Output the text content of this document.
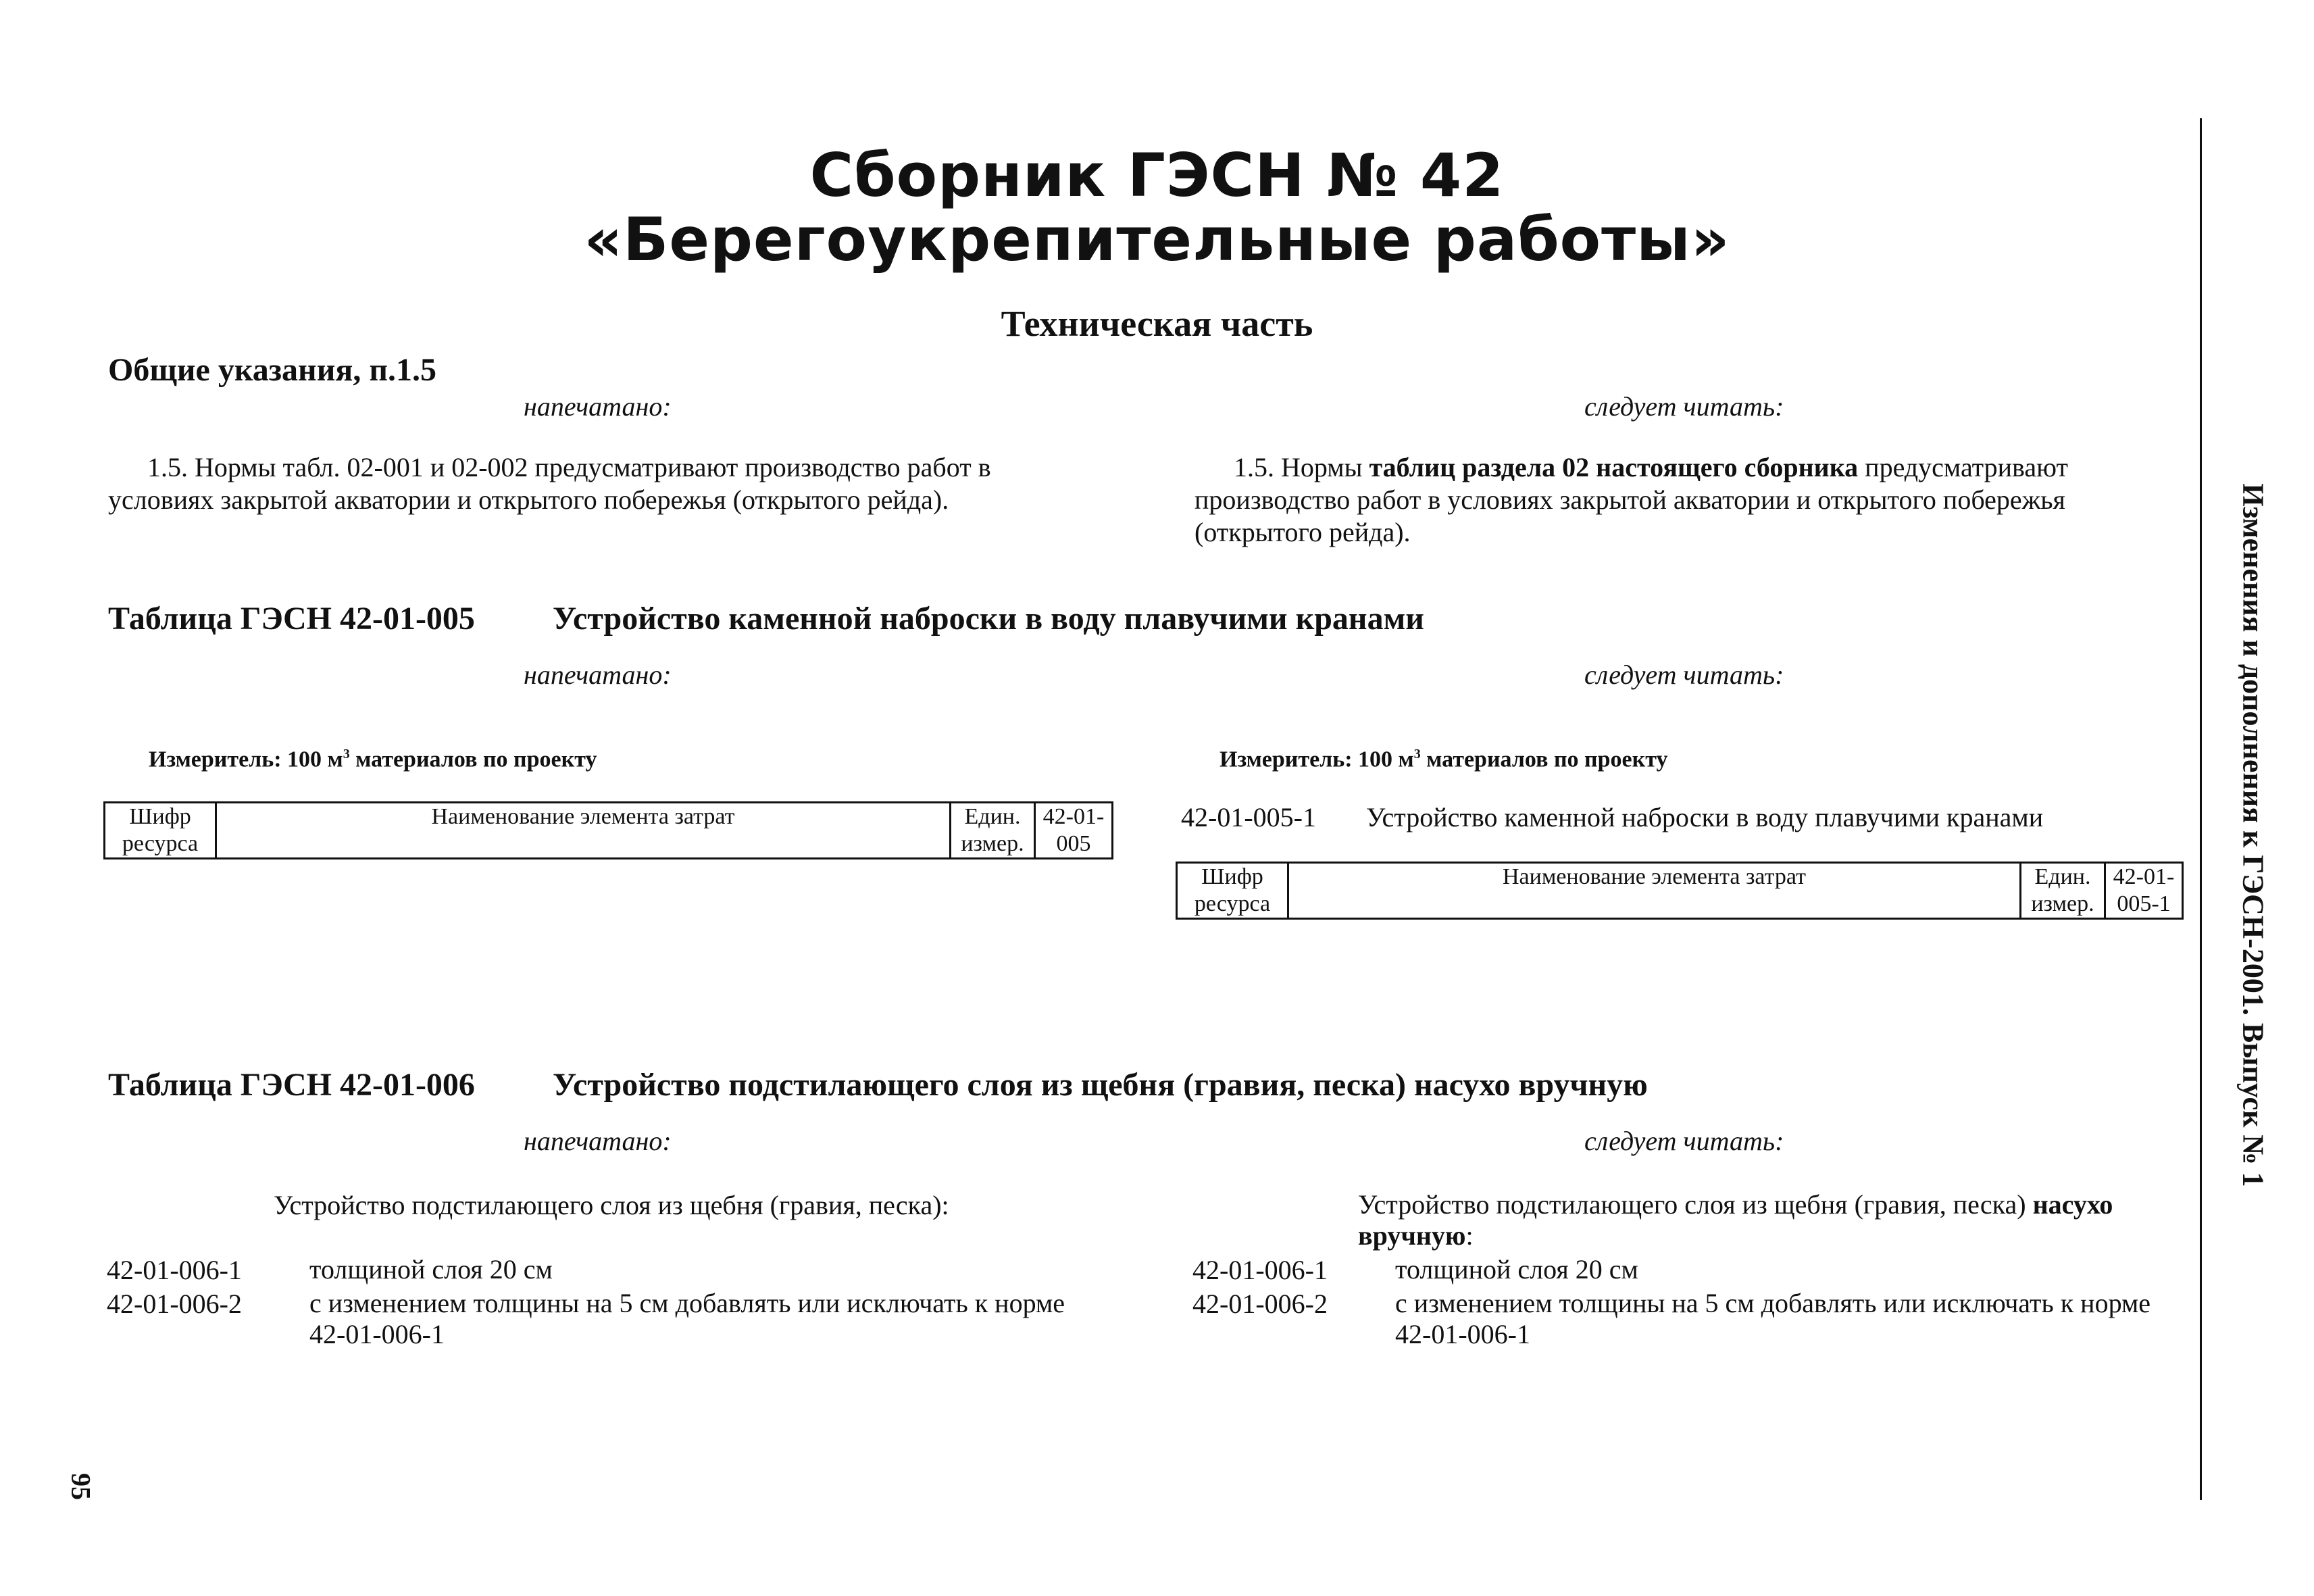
Сборник ГЭСН № 42
«Берегоукрепительные работы»
Техническая часть
Общие указания, п.1.5
напечатано:	следует читать:
1.5. Нормы табл. 02-001 и 02-002 предусматривают производство работ в условиях закрытой акватории и открытого побережья (открытого рейда).
1.5. Нормы таблиц раздела 02 настоящего сборника предусматривают производство работ в условиях закрытой акватории и открытого побережья (открытого рейда).
Таблица ГЭСН 42-01-005 Устройство каменной наброски в воду плавучими кранами
напечатано:	следует читать:
Измеритель: 100 $м^3$ материалов по проекту	Измеритель: 100 $м^3$ материалов по проекту
Шифр ресурса	Наименование элемента затрат	Един. измер.	42-01-005
42-01-005-1 Устройство каменной наброски в воду плавучими кранами
Шифр ресурса	Наименование элемента затрат	Един. измер.	42-01-005-1
Таблица ГЭСН 42-01-006 Устройство подстилающего слоя из щебня (гравия, песка) насухо вручную
напечатано:	следует читать:
Устройство подстилающего слоя из щебня (гравия, песка):	Устройство подстилающего слоя из щебня (гравия, песка) насухо вручную:
42-01-006-1	толщиной слоя 20 см
42-01-006-2	с изменением толщины на 5 см добавлять или исключать к норме 42-01-006-1
42-01-006-1	толщиной слоя 20 см
42-01-006-2	с изменением толщины на 5 см добавлять или исключать к норме 42-01-006-1
Изменения и дополнения к ГЭСН-2001. Выпуск № 1
95
